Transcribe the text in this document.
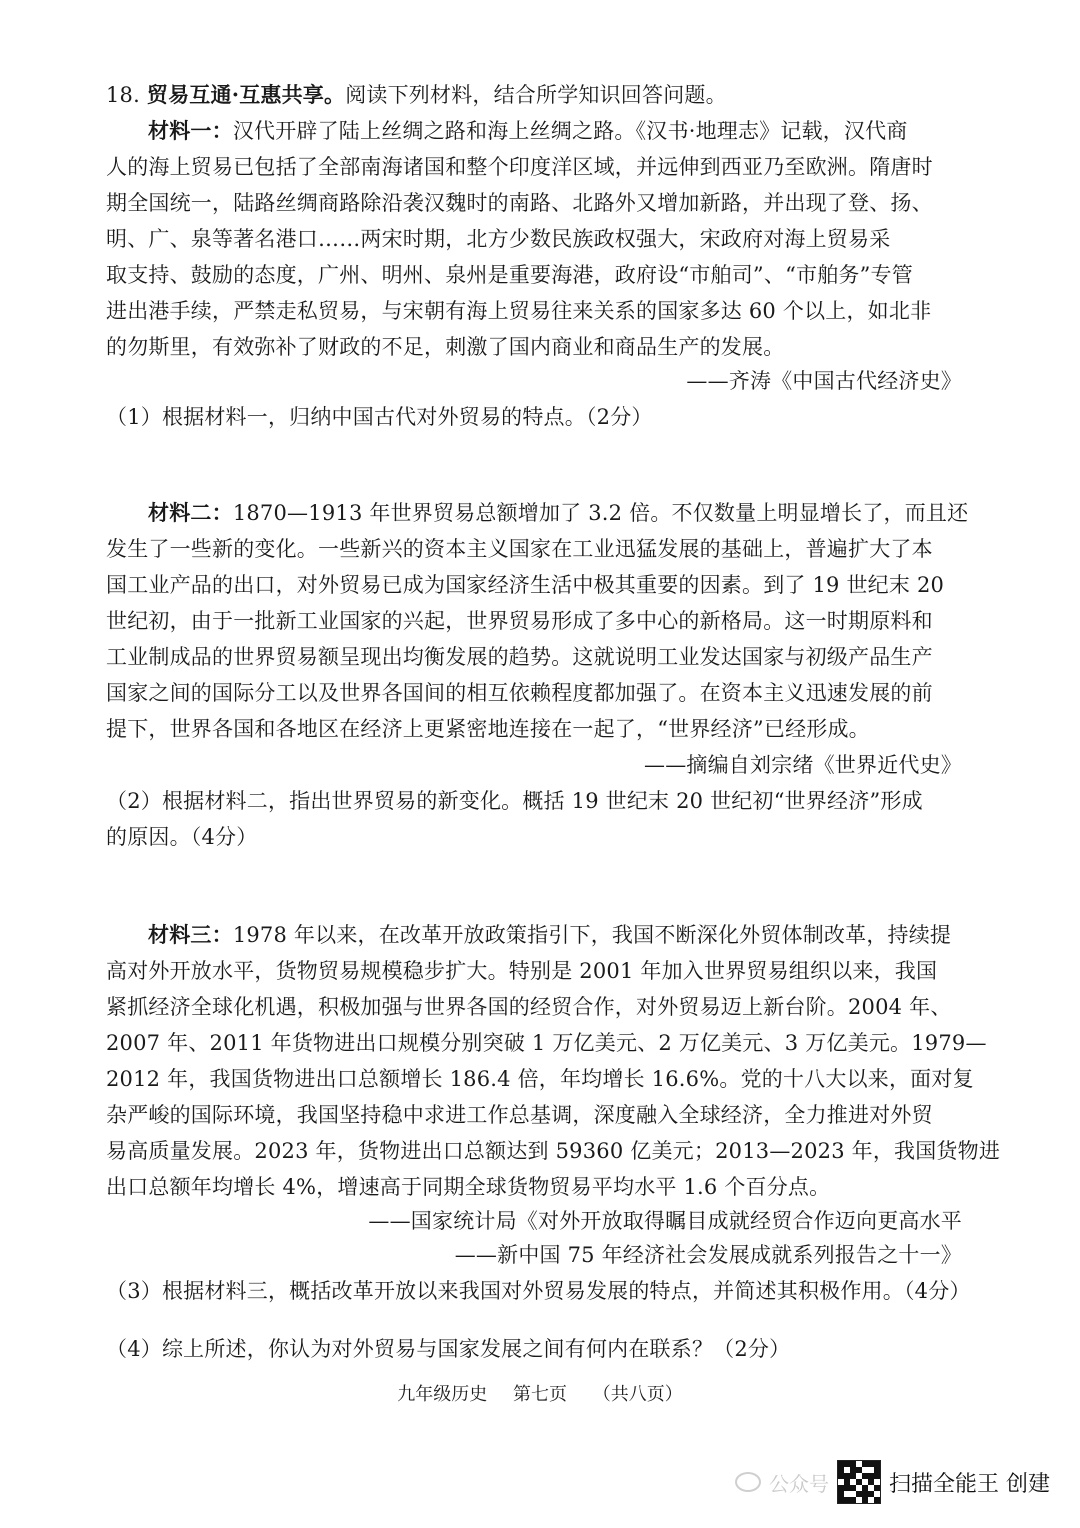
18. 贸易互通·互惠共享。阅读下列材料，结合所学知识回答问题。
材料一：汉代开辟了陆上丝绸之路和海上丝绸之路。《汉书·地理志》记载，汉代商
人的海上贸易已包括了全部南海诸国和整个印度洋区域，并远伸到西亚乃至欧洲。隋唐时
期全国统一，陆路丝绸商路除沿袭汉魏时的南路、北路外又增加新路，并出现了登、扬、
明、广、泉等著名港口……两宋时期，北方少数民族政权强大，宋政府对海上贸易采
取支持、鼓励的态度，广州、明州、泉州是重要海港，政府设“市舶司”、“市舶务”专管
进出港手续，严禁走私贸易，与宋朝有海上贸易往来关系的国家多达 60 个以上，如北非
的勿斯里，有效弥补了财政的不足，刺激了国内商业和商品生产的发展。
——齐涛《中国古代经济史》
（1）根据材料一，归纳中国古代对外贸易的特点。（2分）
材料二：1870—1913 年世界贸易总额增加了 3.2 倍。不仅数量上明显增长了，而且还
发生了一些新的变化。一些新兴的资本主义国家在工业迅猛发展的基础上，普遍扩大了本
国工业产品的出口，对外贸易已成为国家经济生活中极其重要的因素。到了 19 世纪末 20
世纪初，由于一批新工业国家的兴起，世界贸易形成了多中心的新格局。这一时期原料和
工业制成品的世界贸易额呈现出均衡发展的趋势。这就说明工业发达国家与初级产品生产
国家之间的国际分工以及世界各国间的相互依赖程度都加强了。在资本主义迅速发展的前
提下，世界各国和各地区在经济上更紧密地连接在一起了，“世界经济”已经形成。
——摘编自刘宗绪《世界近代史》
（2）根据材料二，指出世界贸易的新变化。概括 19 世纪末 20 世纪初“世界经济”形成
的原因。（4分）
材料三：1978 年以来，在改革开放政策指引下，我国不断深化外贸体制改革，持续提
高对外开放水平，货物贸易规模稳步扩大。特别是 2001 年加入世界贸易组织以来，我国
紧抓经济全球化机遇，积极加强与世界各国的经贸合作，对外贸易迈上新台阶。2004 年、
2007 年、2011 年货物进出口规模分别突破 1 万亿美元、2 万亿美元、3 万亿美元。1979—
2012 年，我国货物进出口总额增长 186.4 倍，年均增长 16.6%。党的十八大以来，面对复
杂严峻的国际环境，我国坚持稳中求进工作总基调，深度融入全球经济，全力推进对外贸
易高质量发展。2023 年，货物进出口总额达到 59360 亿美元；2013—2023 年，我国货物进
出口总额年均增长 4%，增速高于同期全球货物贸易平均水平 1.6 个百分点。
——国家统计局《对外开放取得瞩目成就经贸合作迈向更高水平
——新中国 75 年经济社会发展成就系列报告之十一》
（3）根据材料三，概括改革开放以来我国对外贸易发展的特点，并简述其积极作用。（4分）
（4）综上所述，你认为对外贸易与国家发展之间有何内在联系？（2分）
九年级历史 第七页 （共八页）
公众号	扫描全能王 创建
